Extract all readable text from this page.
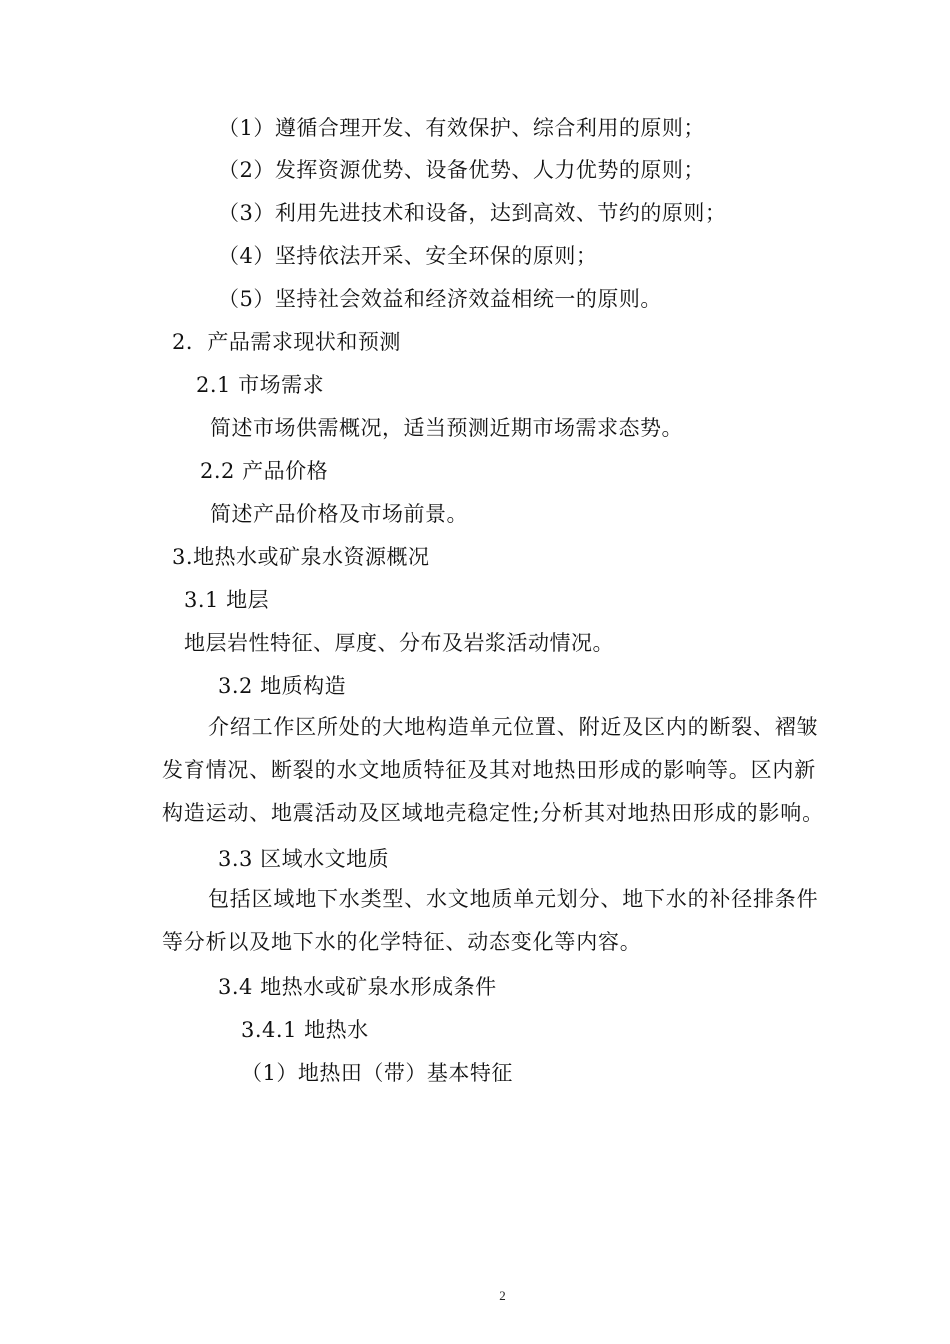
（1）遵循合理开发、有效保护、综合利用的原则；
（2）发挥资源优势、设备优势、人力优势的原则；
（3）利用先进技术和设备，达到高效、节约的原则；
（4）坚持依法开采、安全环保的原则；
（5）坚持社会效益和经济效益相统一的原则。
2．产品需求现状和预测
2.1 市场需求
简述市场供需概况，适当预测近期市场需求态势。
2.2 产品价格
简述产品价格及市场前景。
3.地热水或矿泉水资源概况
3.1 地层
地层岩性特征、厚度、分布及岩浆活动情况。
3.2 地质构造
介绍工作区所处的大地构造单元位置、附近及区内的断裂、褶皱
发育情况、断裂的水文地质特征及其对地热田形成的影响等。区内新
构造运动、地震活动及区域地壳稳定性;分析其对地热田形成的影响。
3.3 区域水文地质
包括区域地下水类型、水文地质单元划分、地下水的补径排条件
等分析以及地下水的化学特征、动态变化等内容。
3.4 地热水或矿泉水形成条件
3.4.1 地热水
（1）地热田（带）基本特征
2
